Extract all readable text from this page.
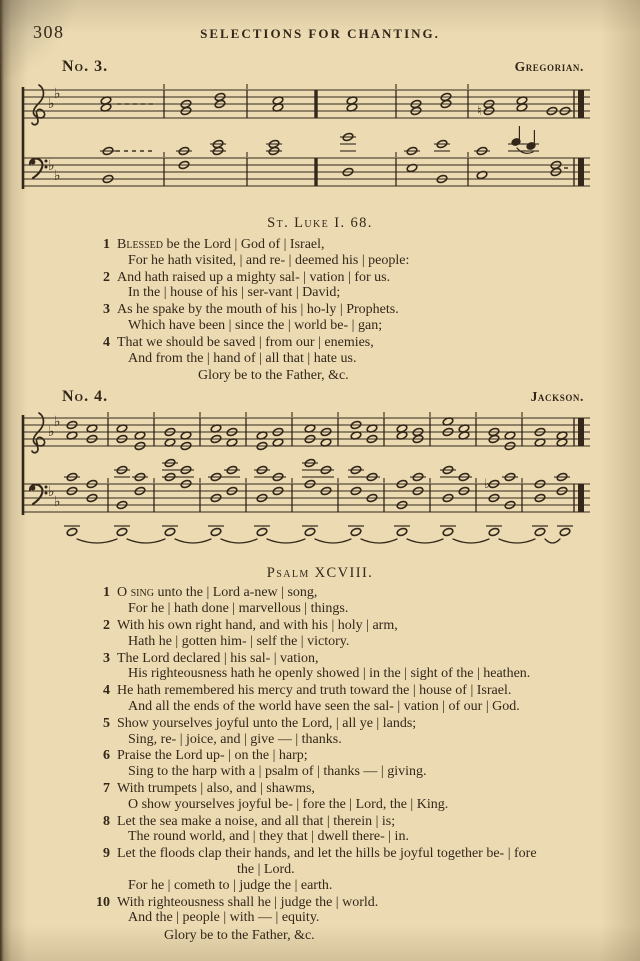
308	SELECTIONS FOR CHANTING.
No. 3.	Gregorian.
♭
♭
♮
♭
♭
St. Luke I. 68.
1 Blessed be the Lord | God of | Israel,
For he hath visited, | and re- | deemed his | people:
2 And hath raised up a mighty sal- | vation | for us.
In the | house of his | ser-vant | David;
3 As he spake by the mouth of his | ho-ly | Prophets.
Which have been | since the | world be- | gan;
4 That we should be saved | from our | enemies,
And from the | hand of | all that | hate us.
Glory be to the Father, &c.
No. 4.	Jackson.
♭
♭
♭
♭
♭
Psalm XCVIII.
1 O sing unto the | Lord a-new | song,
For he | hath done | marvellous | things.
2 With his own right hand, and with his | holy | arm,
Hath he | gotten him- | self the | victory.
3 The Lord declared | his sal- | vation,
His righteousness hath he openly showed | in the | sight of the | heathen.
4 He hath remembered his mercy and truth toward the | house of | Israel.
And all the ends of the world have seen the sal- | vation | of our | God.
5 Show yourselves joyful unto the Lord, | all ye | lands;
Sing, re- | joice, and | give — | thanks.
6 Praise the Lord up- | on the | harp;
Sing to the harp with a | psalm of | thanks — | giving.
7 With trumpets | also, and | shawms,
O show yourselves joyful be- | fore the | Lord, the | King.
8 Let the sea make a noise, and all that | therein | is;
The round world, and | they that | dwell there- | in.
9 Let the floods clap their hands, and let the hills be joyful together be- | fore
the | Lord.
For he | cometh to | judge the | earth.
10 With righteousness shall he | judge the | world.
And the | people | with — | equity.
Glory be to the Father, &c.
